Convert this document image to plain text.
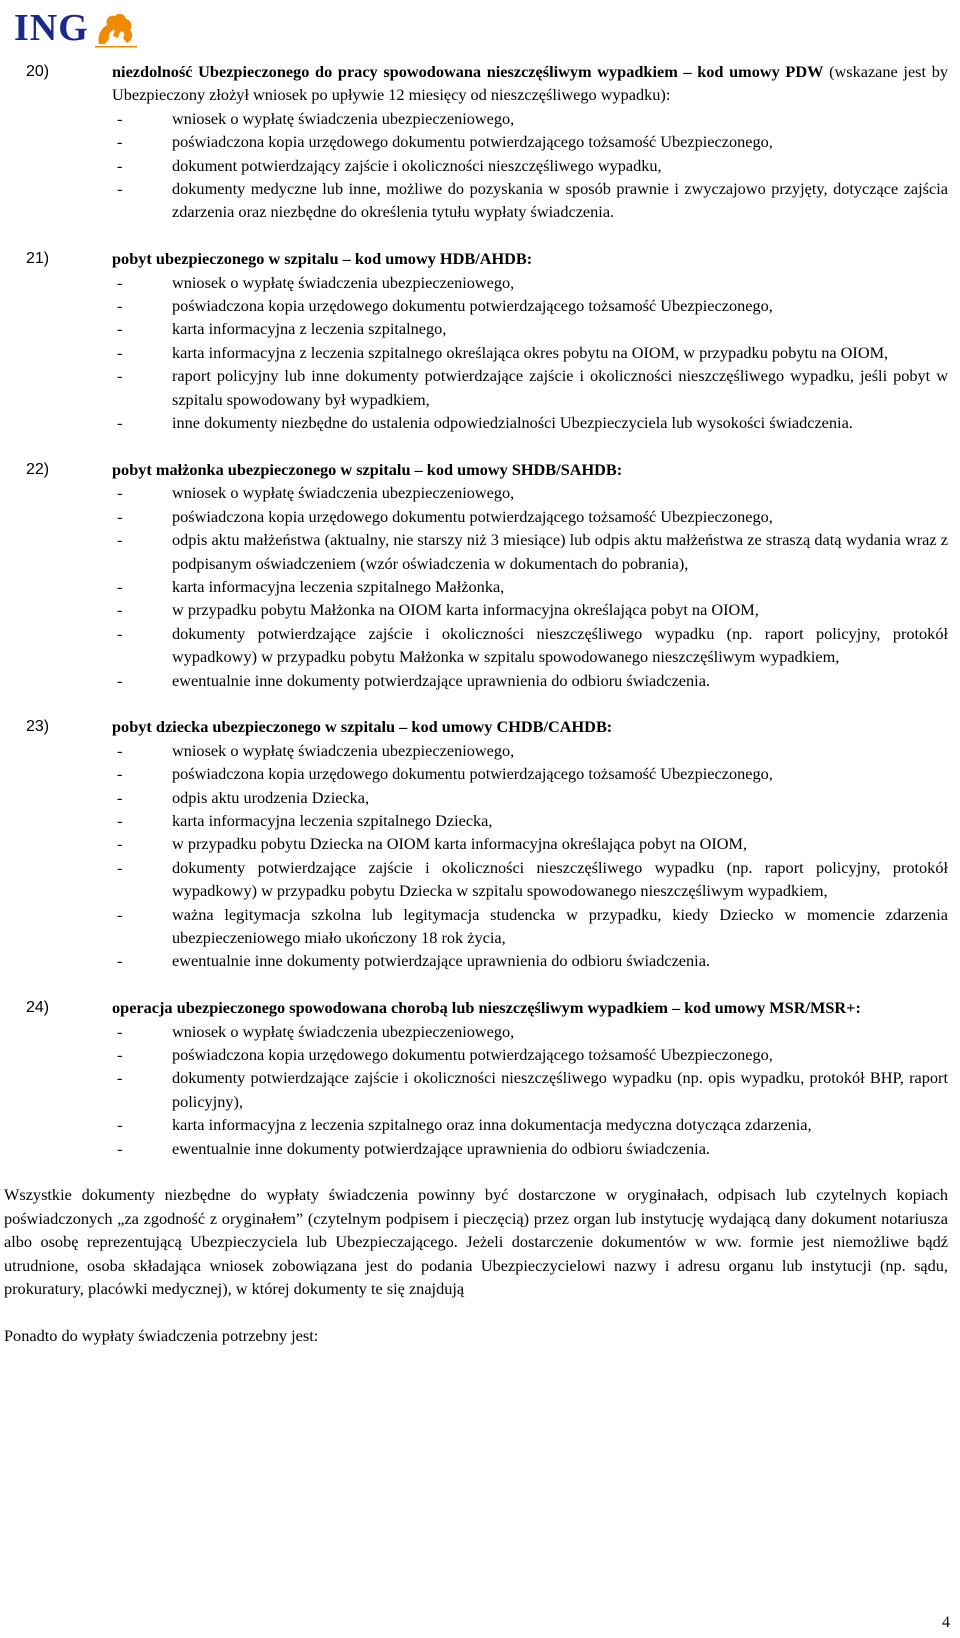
ING
20)	niezdolność Ubezpieczonego do pracy spowodowana nieszczęśliwym wypadkiem – kod umowy PDW (wskazane jest by Ubezpieczony złożył wniosek po upływie 12 miesięcy od nieszczęśliwego wypadku):
-	wniosek o wypłatę świadczenia ubezpieczeniowego,
-	poświadczona kopia urzędowego dokumentu potwierdzającego tożsamość Ubezpieczonego,
-	dokument potwierdzający zajście i okoliczności nieszczęśliwego wypadku,
-	dokumenty medyczne lub inne, możliwe do pozyskania w sposób prawnie i zwyczajowo przyjęty, dotyczące zajścia zdarzenia oraz niezbędne do określenia tytułu wypłaty świadczenia.
21)	pobyt ubezpieczonego w szpitalu – kod umowy HDB/AHDB:
-	wniosek o wypłatę świadczenia ubezpieczeniowego,
-	poświadczona kopia urzędowego dokumentu potwierdzającego tożsamość Ubezpieczonego,
-	karta informacyjna z leczenia szpitalnego,
-	karta informacyjna z leczenia szpitalnego określająca okres pobytu na OIOM, w przypadku pobytu na OIOM,
-	raport policyjny lub inne dokumenty potwierdzające zajście i okoliczności nieszczęśliwego wypadku, jeśli pobyt w szpitalu spowodowany był wypadkiem,
-	inne dokumenty niezbędne do ustalenia odpowiedzialności Ubezpieczyciela lub wysokości świadczenia.
22)	pobyt małżonka ubezpieczonego w szpitalu – kod umowy SHDB/SAHDB:
-	wniosek o wypłatę świadczenia ubezpieczeniowego,
-	poświadczona kopia urzędowego dokumentu potwierdzającego tożsamość Ubezpieczonego,
-	odpis aktu małżeństwa (aktualny, nie starszy niż 3 miesiące) lub odpis aktu małżeństwa ze straszą datą wydania wraz z podpisanym oświadczeniem (wzór oświadczenia w dokumentach do pobrania),
-	karta informacyjna leczenia szpitalnego Małżonka,
-	w przypadku pobytu Małżonka na OIOM karta informacyjna określająca pobyt na OIOM,
-	dokumenty potwierdzające zajście i okoliczności nieszczęśliwego wypadku (np. raport policyjny, protokół wypadkowy) w przypadku pobytu Małżonka w szpitalu spowodowanego nieszczęśliwym wypadkiem,
-	ewentualnie inne dokumenty potwierdzające uprawnienia do odbioru świadczenia.
23)	pobyt dziecka ubezpieczonego w szpitalu – kod umowy CHDB/CAHDB:
-	wniosek o wypłatę świadczenia ubezpieczeniowego,
-	poświadczona kopia urzędowego dokumentu potwierdzającego tożsamość Ubezpieczonego,
-	odpis aktu urodzenia Dziecka,
-	karta informacyjna leczenia szpitalnego Dziecka,
-	w przypadku pobytu Dziecka na OIOM karta informacyjna określająca pobyt na OIOM,
-	dokumenty potwierdzające zajście i okoliczności nieszczęśliwego wypadku (np. raport policyjny, protokół wypadkowy) w przypadku pobytu Dziecka w szpitalu spowodowanego nieszczęśliwym wypadkiem,
-	ważna legitymacja szkolna lub legitymacja studencka w przypadku, kiedy Dziecko w momencie zdarzenia ubezpieczeniowego miało ukończony 18 rok życia,
-	ewentualnie inne dokumenty potwierdzające uprawnienia do odbioru świadczenia.
24)	operacja ubezpieczonego spowodowana chorobą lub nieszczęśliwym wypadkiem – kod umowy MSR/MSR+:
-	wniosek o wypłatę świadczenia ubezpieczeniowego,
-	poświadczona kopia urzędowego dokumentu potwierdzającego tożsamość Ubezpieczonego,
-	dokumenty potwierdzające zajście i okoliczności nieszczęśliwego wypadku (np. opis wypadku, protokół BHP, raport policyjny),
-	karta informacyjna z leczenia szpitalnego oraz inna dokumentacja medyczna dotycząca zdarzenia,
-	ewentualnie inne dokumenty potwierdzające uprawnienia do odbioru świadczenia.

Wszystkie dokumenty niezbędne do wypłaty świadczenia powinny być dostarczone w oryginałach, odpisach lub czytelnych kopiach poświadczonych „za zgodność z oryginałem” (czytelnym podpisem i pieczęcią) przez organ lub instytucję wydającą dany dokument notariusza albo osobę reprezentującą Ubezpieczyciela lub Ubezpieczającego. Jeżeli dostarczenie dokumentów w ww. formie jest niemożliwe bądź utrudnione, osoba składająca wniosek zobowiązana jest do podania Ubezpieczycielowi nazwy i adresu organu lub instytucji (np. sądu, prokuratury, placówki medycznej), w której dokumenty te się znajdują

Ponadto do wypłaty świadczenia potrzebny jest:

4
